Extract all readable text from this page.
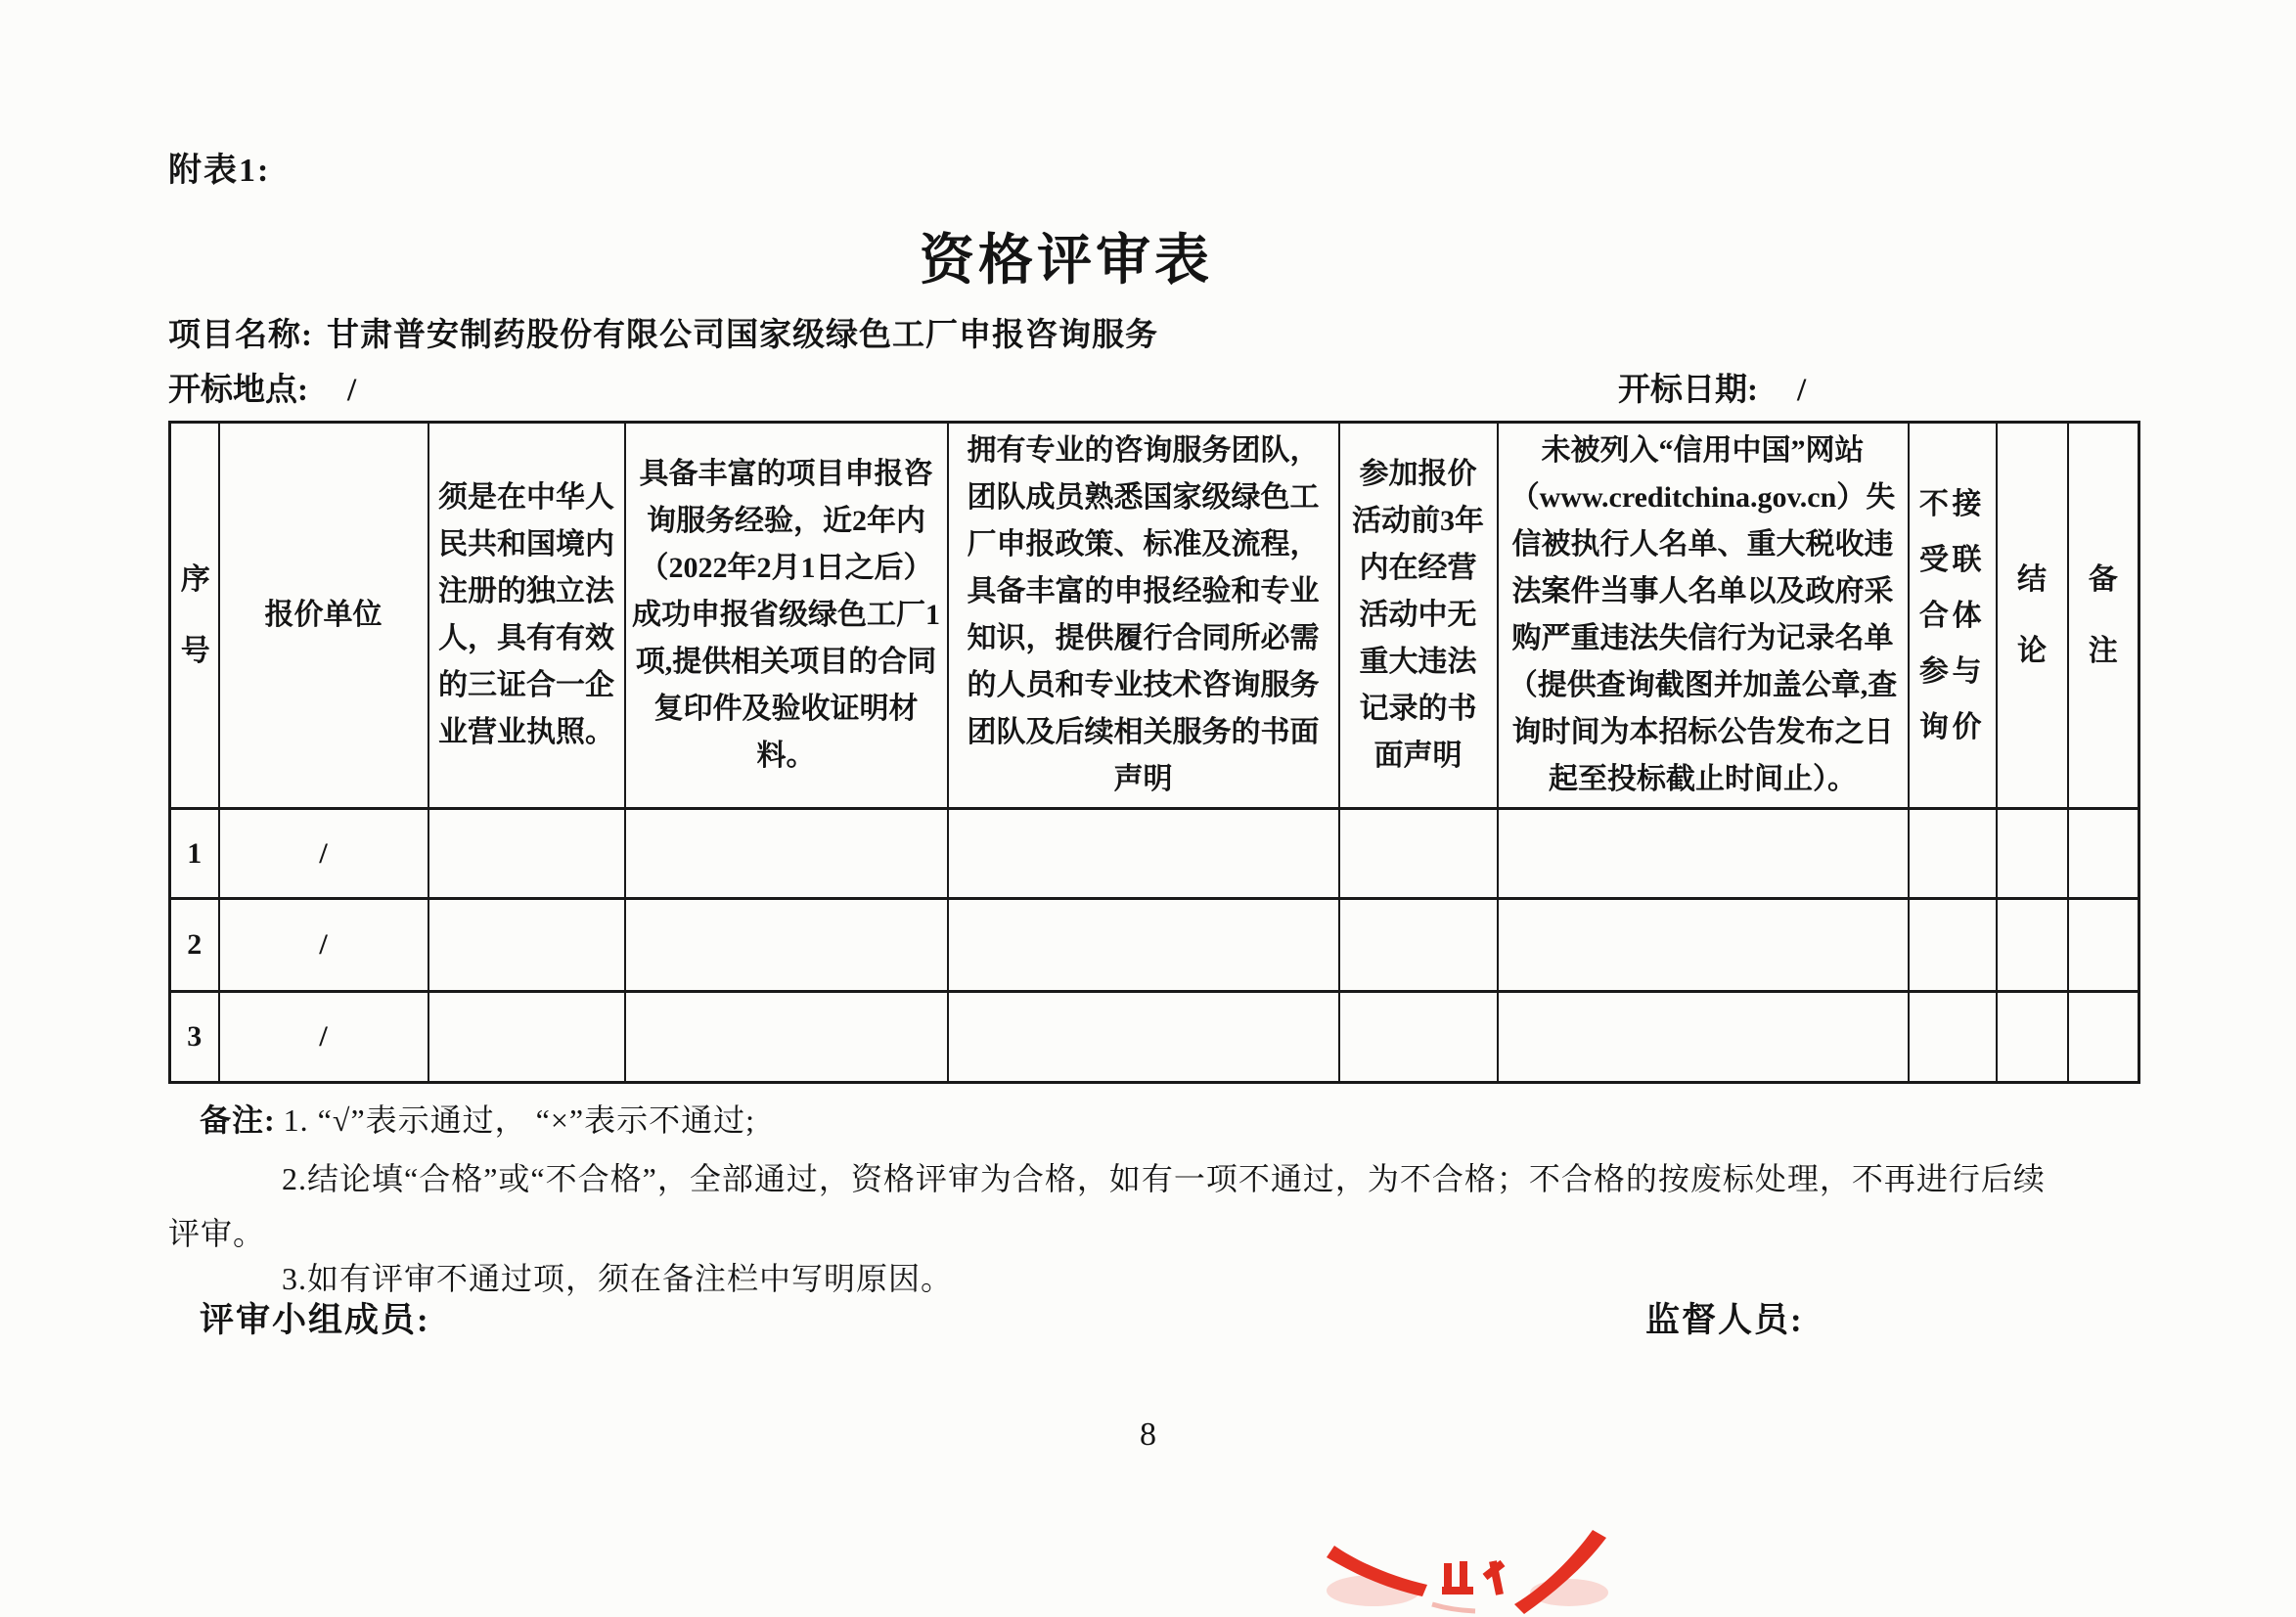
附表1:
资格评审表
项目名称: 甘肃普安制药股份有限公司国家级绿色工厂申报咨询服务
开标地点: /	开标日期: /
序号	报价单位	须是在中华人民共和国境内注册的独立法人，具有有效的三证合一企业营业执照。	具备丰富的项目申报咨询服务经验，近2年内（2022年2月1日之后）成功申报省级绿色工厂1项,提供相关项目的合同复印件及验收证明材料。	拥有专业的咨询服务团队，团队成员熟悉国家级绿色工厂申报政策、标准及流程，具备丰富的申报经验和专业知识，提供履行合同所必需的人员和专业技术咨询服务团队及后续相关服务的书面声明	参加报价活动前3年内在经营活动中无重大违法记录的书面声明	未被列入“信用中国”网站（www.creditchina.gov.cn）失信被执行人名单、重大税收违法案件当事人名单以及政府采购严重违法失信行为记录名单（提供查询截图并加盖公章,查询时间为本招标公告发布之日起至投标截止时间止）。	不接受联合体参与询价	结论	备注
1	/								
2	/								
3	/								
备注: 1. “√”表示通过， “×”表示不通过;
2.结论填“合格”或“不合格”，全部通过，资格评审为合格，如有一项不通过，为不合格；不合格的按废标处理，不再进行后续
评审。
3.如有评审不通过项，须在备注栏中写明原因。
评审小组成员:	监督人员:
8
